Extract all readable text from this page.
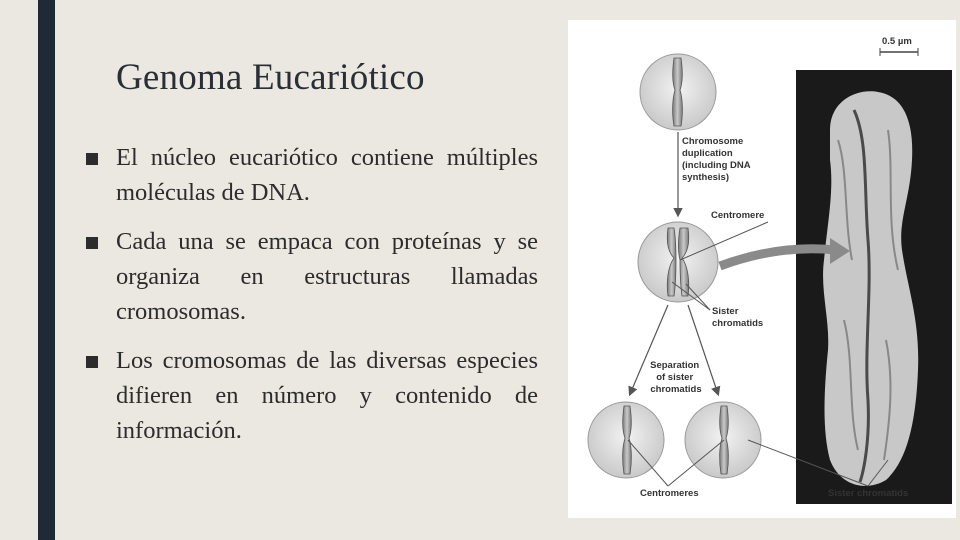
Genoma Eucariótico
El núcleo eucariótico contiene múltiples moléculas de DNA.
Cada una se empaca con proteínas y se organiza en estructuras llamadas cromosomas.
Los cromosomas de las diversas especies difieren en número y contenido de información.
0.5 µm
Chromosome duplication (including DNA synthesis)
Centromere
Sister chromatids
Separation of sister chromatids
Centromeres	Sister chromatids
